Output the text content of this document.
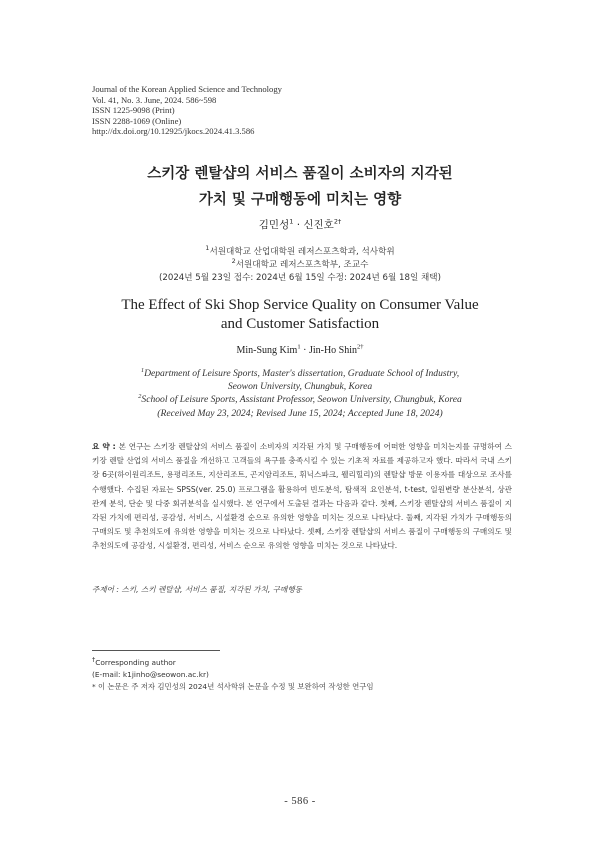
Journal of the Korean Applied Science and Technology
Vol. 41, No. 3. June, 2024. 586~598
ISSN 1225-9098 (Print)
ISSN 2288-1069 (Online)
http://dx.doi.org/10.12925/jkocs.2024.41.3.586
스키장 렌탈샵의 서비스 품질이 소비자의 지각된
가치 및 구매행동에 미치는 영향
김민성$^1$ · 신진호$^{2\dagger}$
$^1$서원대학교 산업대학원 레저스포츠학과, 석사학위
$^2$서원대학교 레저스포츠학부, 조교수
(2024년 5월 23일 접수: 2024년 6월 15일 수정: 2024년 6월 18일 채택)
The Effect of Ski Shop Service Quality on Consumer Value
and Customer Satisfaction
Min-Sung Kim$^1$ · Jin-Ho Shin$^{2\dagger}$
$^1$Department of Leisure Sports, Master's dissertation, Graduate School of Industry,
Seowon University, Chungbuk, Korea
$^2$School of Leisure Sports, Assistant Professor, Seowon University, Chungbuk, Korea
(Received May 23, 2024; Revised June 15, 2024; Accepted June 18, 2024)
요 약 : 본 연구는 스키장 렌탈샵의 서비스 품질이 소비자의 지각된 가치 및 구매행동에 어떠한 영향을 미치는지를 규명하여 스키장 렌탈 산업의 서비스 품질을 개선하고 고객들의 욕구를 충족시킬 수 있는 기초적 자료를 제공하고자 했다. 따라서 국내 스키장 6곳(하이원리조트, 용평리조트, 지산리조트, 곤지암리조트, 휘닉스파크, 웰리힐리)의 렌탈샵 방문 이용자를 대상으로 조사를 수행했다. 수집된 자료는 SPSS(ver. 25.0) 프로그램을 활용하여 빈도분석, 탐색적 요인분석, t-test, 일원변량 분산분석, 상관관계 분석, 단순 및 다중 회귀분석을 실시했다. 본 연구에서 도출된 결과는 다음과 같다. 첫째, 스키장 렌탈샵의 서비스 품질이 지각된 가치에 편리성, 공감성, 서비스, 시설환경 순으로 유의한 영향을 미치는 것으로 나타났다. 둘째, 지각된 가치가 구매행동의 구매의도 및 추천의도에 유의한 영향을 미치는 것으로 나타났다. 셋째, 스키장 렌탈샵의 서비스 품질이 구매행동의 구매의도 및 추천의도에 공감성, 시설환경, 편리성, 서비스 순으로 유의한 영향을 미치는 것으로 나타났다.
주제어 : 스키, 스키 렌탈샵, 서비스 품질, 지각된 가치, 구매행동
†Corresponding author
(E-mail: k1jinho@seowon.ac.kr)
* 이 논문은 주 저자 김민성의 2024년 석사학위 논문을 수정 및 보완하여 작성한 연구임
- 586 -
